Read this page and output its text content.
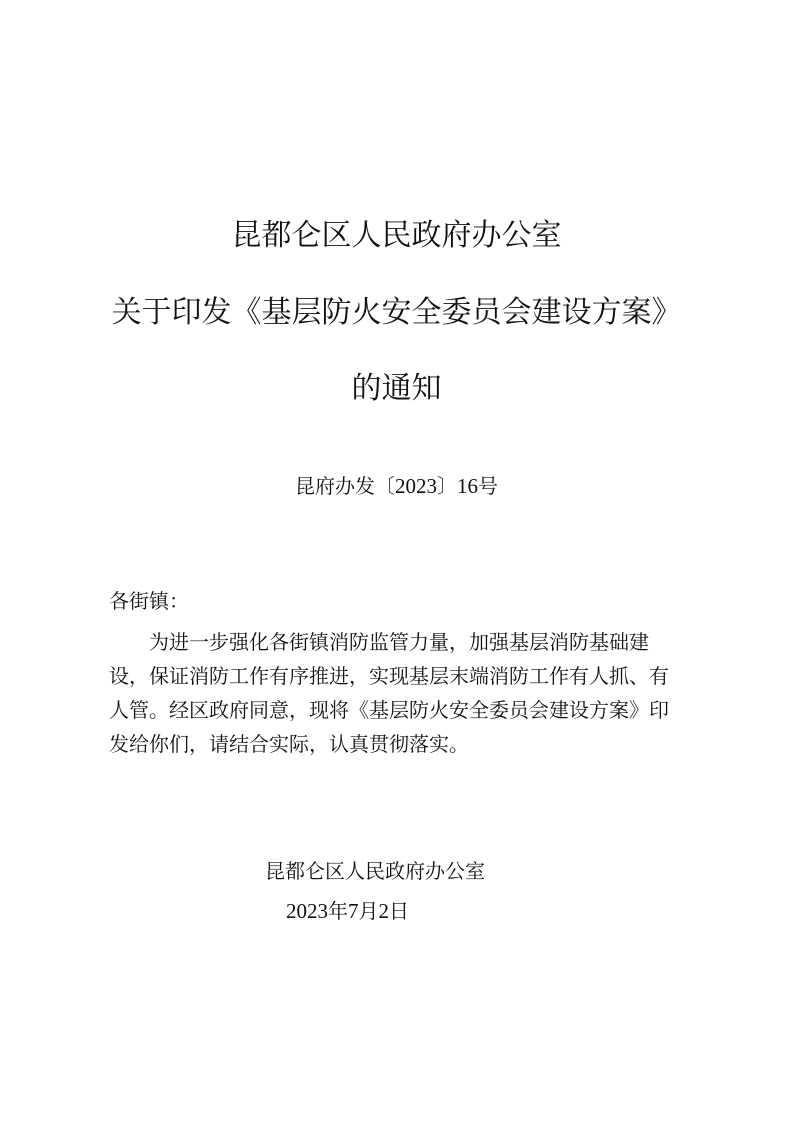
昆都仑区人民政府办公室
关于印发《基层防火安全委员会建设方案》
的通知
昆府办发〔2023〕16号
各街镇：
为进一步强化各街镇消防监管力量，加强基层消防基础建
设，保证消防工作有序推进，实现基层末端消防工作有人抓、有
人管。经区政府同意，现将《基层防火安全委员会建设方案》印
发给你们，请结合实际，认真贯彻落实。
昆都仑区人民政府办公室
2023年7月2日
